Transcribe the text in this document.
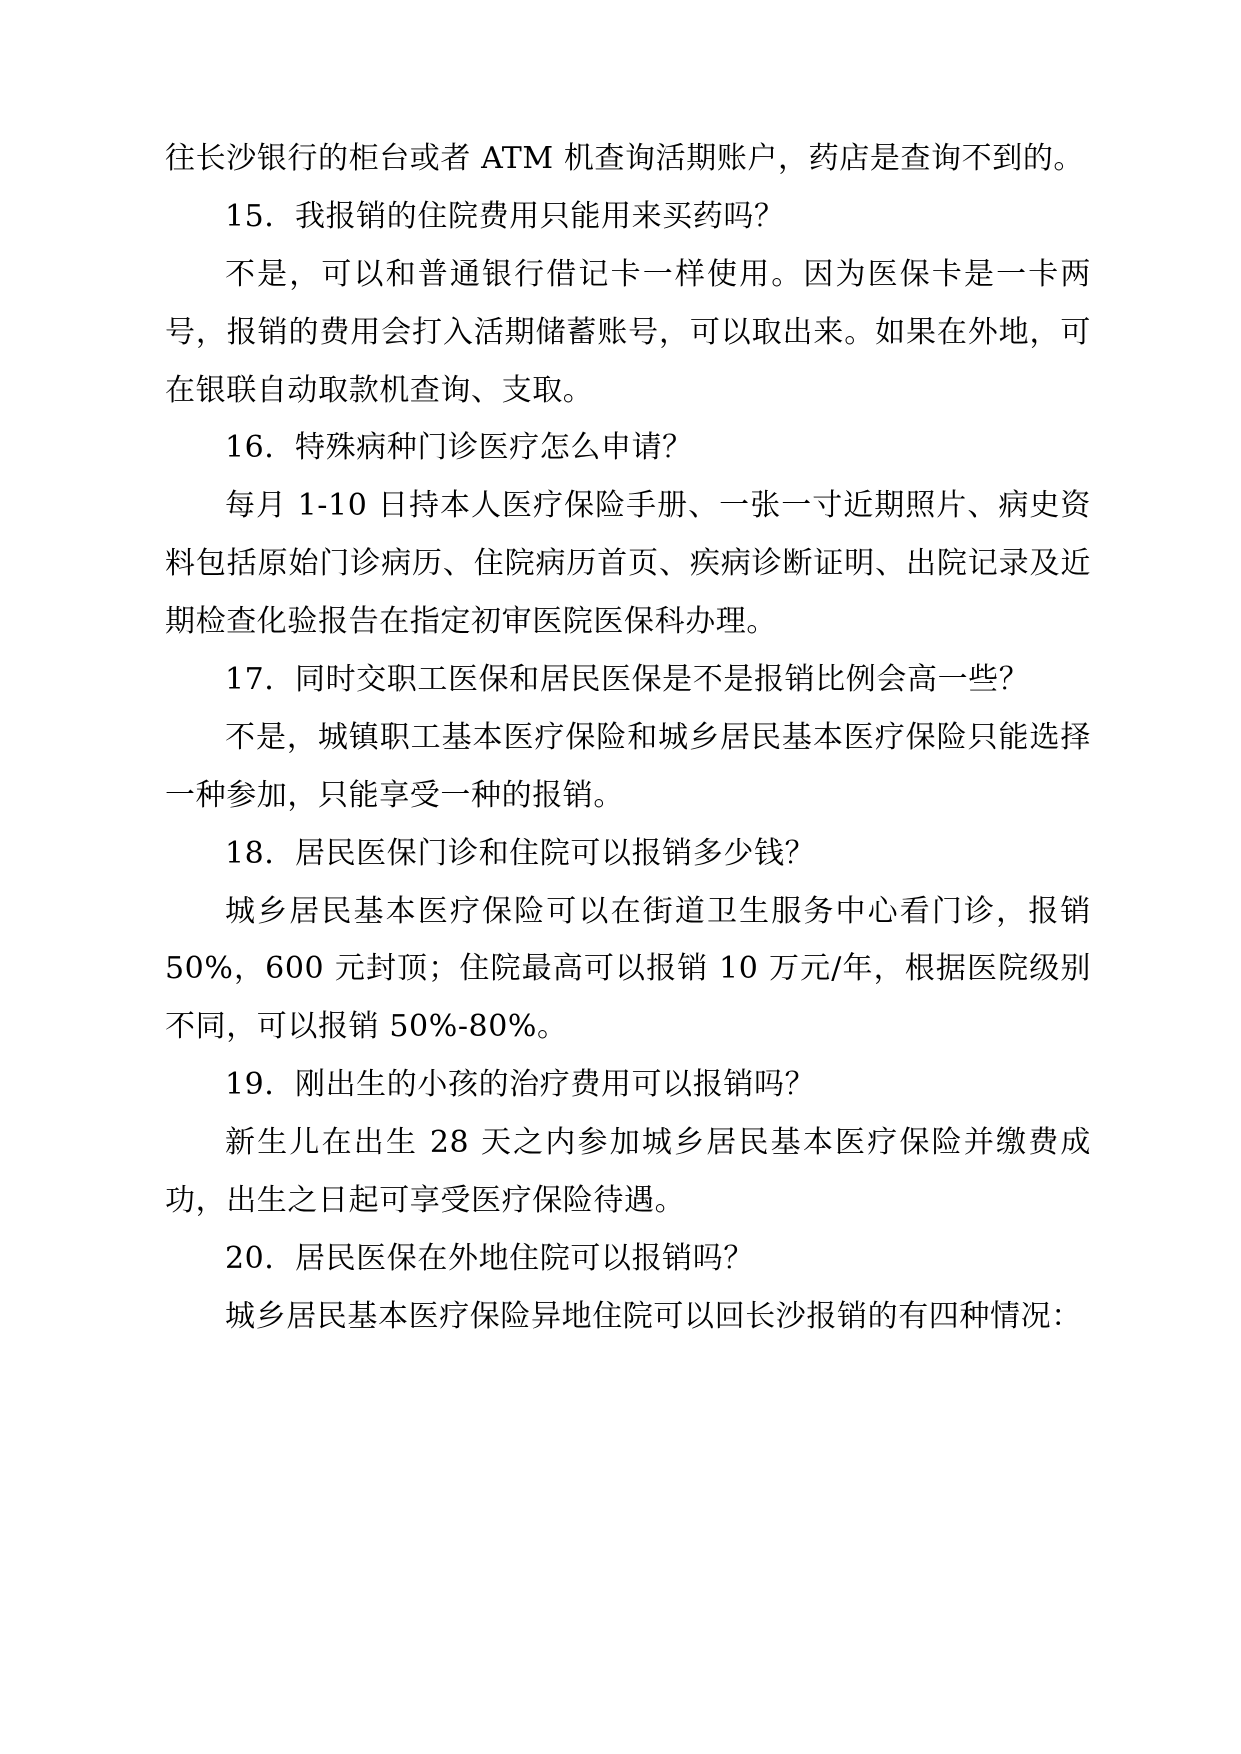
往长沙银行的柜台或者 ATM 机查询活期账户，药店是查询不到的。

15．我报销的住院费用只能用来买药吗？

不是，可以和普通银行借记卡一样使用。因为医保卡是一卡两号，报销的费用会打入活期储蓄账号，可以取出来。如果在外地，可在银联自动取款机查询、支取。

16．特殊病种门诊医疗怎么申请？

每月 1-10 日持本人医疗保险手册、一张一寸近期照片、病史资料包括原始门诊病历、住院病历首页、疾病诊断证明、出院记录及近期检查化验报告在指定初审医院医保科办理。

17．同时交职工医保和居民医保是不是报销比例会高一些？

不是，城镇职工基本医疗保险和城乡居民基本医疗保险只能选择一种参加，只能享受一种的报销。

18．居民医保门诊和住院可以报销多少钱？

城乡居民基本医疗保险可以在街道卫生服务中心看门诊，报销 50%，600 元封顶；住院最高可以报销 10 万元/年，根据医院级别不同，可以报销 50%-80%。

19．刚出生的小孩的治疗费用可以报销吗？

新生儿在出生 28 天之内参加城乡居民基本医疗保险并缴费成功，出生之日起可享受医疗保险待遇。

20．居民医保在外地住院可以报销吗？

城乡居民基本医疗保险异地住院可以回长沙报销的有四种情况：
